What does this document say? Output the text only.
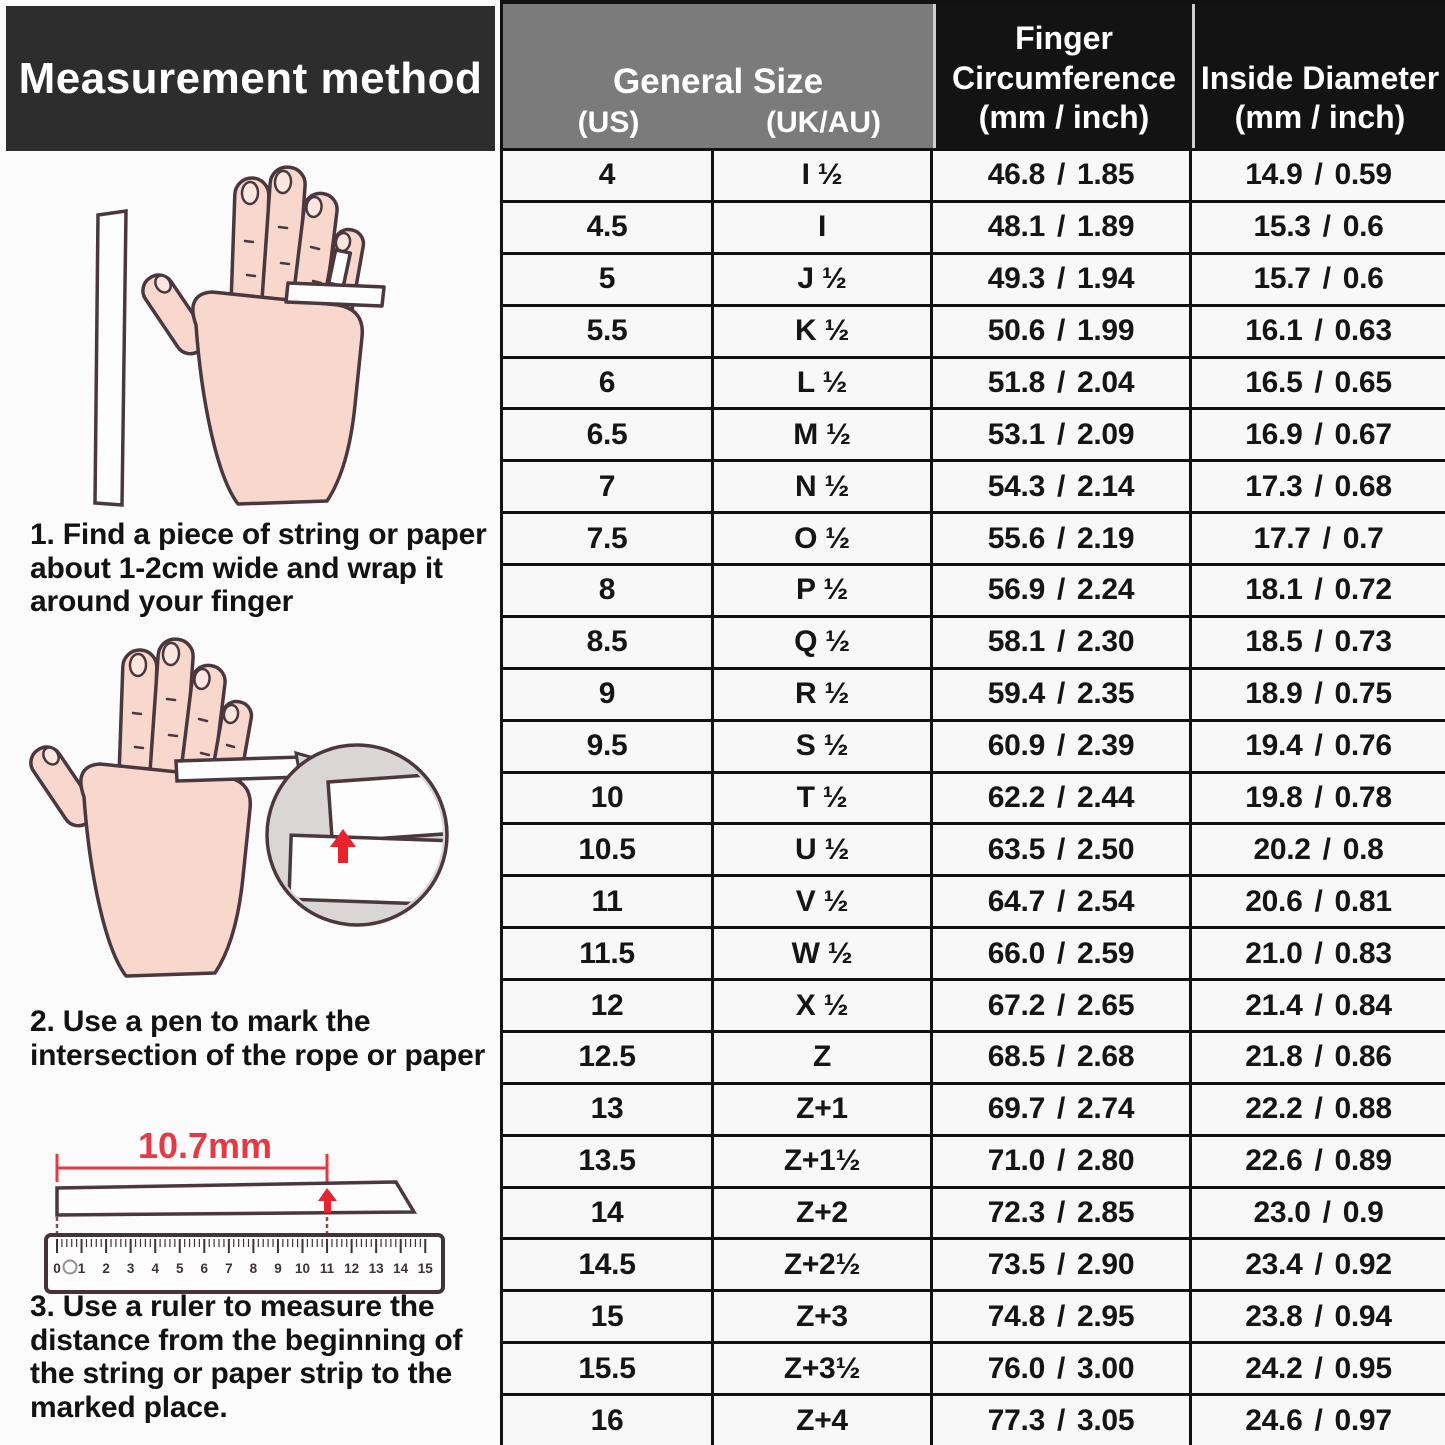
Measurement method

1. Find a piece of string or paper about 1-2cm wide and wrap it around your finger

2. Use a pen to mark the intersection of the rope or paper

10.7mm
0 1 2 3 4 5 6 7 8 9 10 11 12 13 14 15

3. Use a ruler to measure the distance from the beginning of the string or paper strip to the marked place.

General Size
(US)	(UK/AU)
Finger
Circumference
(mm / inch)
Inside Diameter
(mm / inch)
4	I ½	46.8 / 1.85	14.9 / 0.59
4.5	I	48.1 / 1.89	15.3 / 0.6
5	J ½	49.3 / 1.94	15.7 / 0.6
5.5	K ½	50.6 / 1.99	16.1 / 0.63
6	L ½	51.8 / 2.04	16.5 / 0.65
6.5	M ½	53.1 / 2.09	16.9 / 0.67
7	N ½	54.3 / 2.14	17.3 / 0.68
7.5	O ½	55.6 / 2.19	17.7 / 0.7
8	P ½	56.9 / 2.24	18.1 / 0.72
8.5	Q ½	58.1 / 2.30	18.5 / 0.73
9	R ½	59.4 / 2.35	18.9 / 0.75
9.5	S ½	60.9 / 2.39	19.4 / 0.76
10	T ½	62.2 / 2.44	19.8 / 0.78
10.5	U ½	63.5 / 2.50	20.2 / 0.8
11	V ½	64.7 / 2.54	20.6 / 0.81
11.5	W ½	66.0 / 2.59	21.0 / 0.83
12	X ½	67.2 / 2.65	21.4 / 0.84
12.5	Z	68.5 / 2.68	21.8 / 0.86
13	Z+1	69.7 / 2.74	22.2 / 0.88
13.5	Z+1½	71.0 / 2.80	22.6 / 0.89
14	Z+2	72.3 / 2.85	23.0 / 0.9
14.5	Z+2½	73.5 / 2.90	23.4 / 0.92
15	Z+3	74.8 / 2.95	23.8 / 0.94
15.5	Z+3½	76.0 / 3.00	24.2 / 0.95
16	Z+4	77.3 / 3.05	24.6 / 0.97
